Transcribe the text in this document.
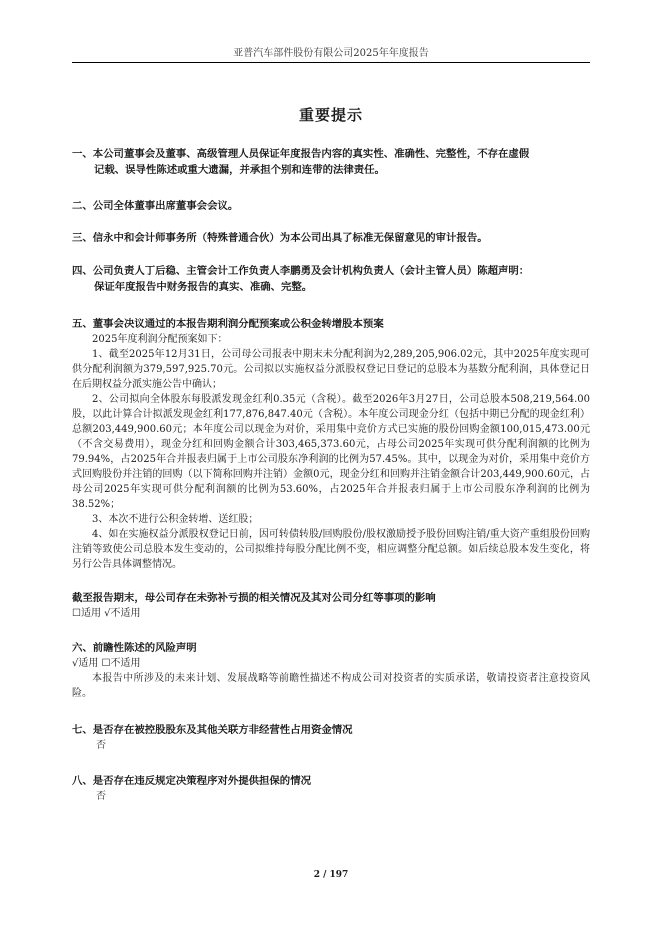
亚普汽车部件股份有限公司2025年年度报告
重要提示
一、本公司董事会及董事、高级管理人员保证年度报告内容的真实性、准确性、完整性，不存在虚假
记载、误导性陈述或重大遗漏，并承担个别和连带的法律责任。
二、公司全体董事出席董事会会议。
三、信永中和会计师事务所（特殊普通合伙）为本公司出具了标准无保留意见的审计报告。
四、公司负责人丁后稳、主管会计工作负责人李鹏勇及会计机构负责人（会计主管人员）陈超声明：
保证年度报告中财务报告的真实、准确、完整。
五、董事会决议通过的本报告期利润分配预案或公积金转增股本预案
2025年度利润分配预案如下：

1、截至2025年12月31日，公司母公司报表中期末未分配利润为2,289,205,906.02元，其中2025年度实现可供分配利润额为379,597,925.70元。公司拟以实施权益分派股权登记日登记的总股本为基数分配利润，具体登记日在后期权益分派实施公告中确认；

2、公司拟向全体股东每股派发现金红利0.35元（含税）。截至2026年3月27日，公司总股本508,219,564.00股，以此计算合计拟派发现金红利177,876,847.40元（含税）。本年度公司现金分红（包括中期已分配的现金红利）总额203,449,900.60元；本年度公司以现金为对价，采用集中竞价方式已实施的股份回购金额100,015,473.00元（不含交易费用），现金分红和回购金额合计303,465,373.60元，占母公司2025年实现可供分配利润额的比例为79.94%，占2025年合并报表归属于上市公司股东净利润的比例为57.45%。其中，以现金为对价，采用集中竞价方式回购股份并注销的回购（以下简称回购并注销）金额0元，现金分红和回购并注销金额合计203,449,900.60元，占母公司2025年实现可供分配利润额的比例为53.60%，占2025年合并报表归属于上市公司股东净利润的比例为38.52%；

3、本次不进行公积金转增、送红股；

4、如在实施权益分派股权登记日前，因可转债转股/回购股份/股权激励授予股份回购注销/重大资产重组股份回购注销等致使公司总股本发生变动的，公司拟维持每股分配比例不变，相应调整分配总额。如后续总股本发生变化，将另行公告具体调整情况。

截至报告期末，母公司存在未弥补亏损的相关情况及其对公司分红等事项的影响
☐适用 √不适用
六、前瞻性陈述的风险声明
√适用 ☐不适用

本报告中所涉及的未来计划、发展战略等前瞻性描述不构成公司对投资者的实质承诺，敬请投资者注意投资风险。

七、是否存在被控股股东及其他关联方非经营性占用资金情况
否
八、是否存在违反规定决策程序对外提供担保的情况
否
2 / 197
